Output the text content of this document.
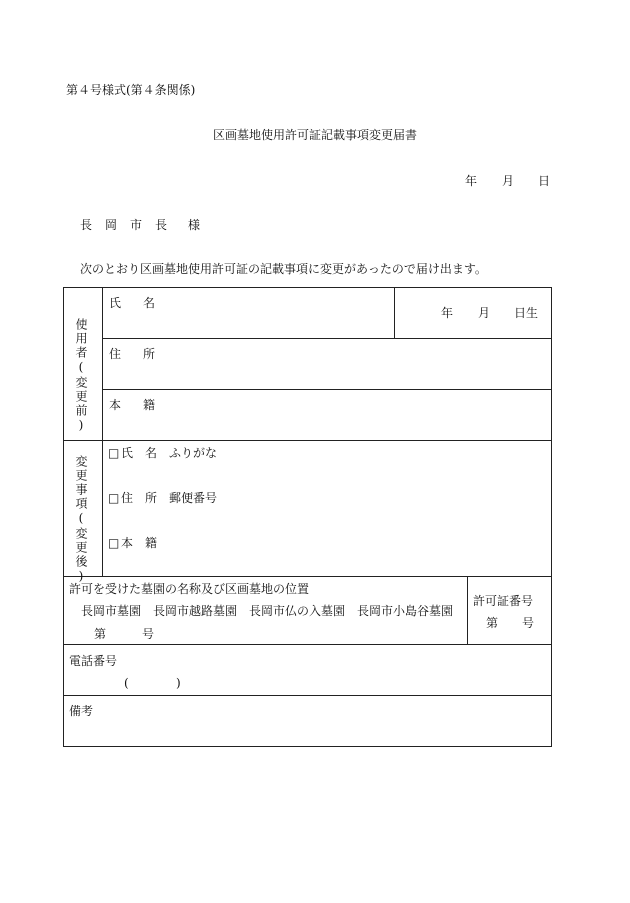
第４号様式(第４条関係)
区画墓地使用許可証記載事項変更届書
年 月 日
長 岡 市 長 様
次のとおり区画墓地使用許可証の記載事項に変更があったので届け出ます。
使用者(変更前)
氏 名
年 月 日生
住 所
本 籍
変更事項(変更後)
□ 氏 名 ふりがな
□ 住 所 郵便番号
□ 本 籍
許可を受けた墓園の名称及び区画墓地の位置
長岡市墓園 長岡市越路墓園 長岡市仏の入墓園 長岡市小島谷墓園
第	号
許可証番号
第 号
電話番号
(	)
備考
